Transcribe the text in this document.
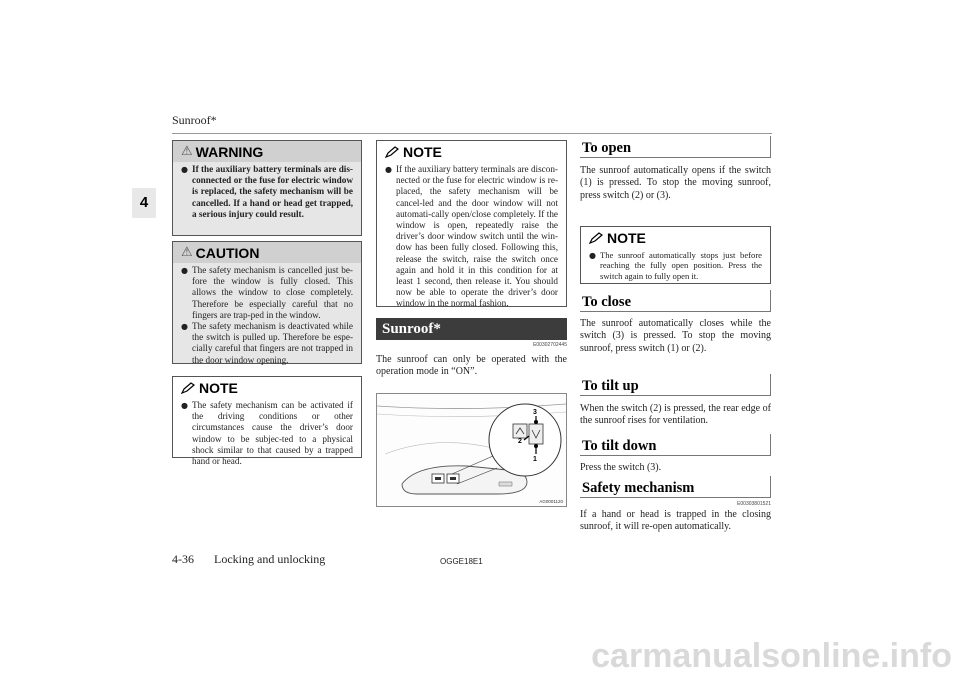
Sunroof*
4
⚠ WARNING
● If the auxiliary battery terminals are dis-connected or the fuse for electric window is replaced, the safety mechanism will be cancelled. If a hand or head get trapped, a serious injury could result.
⚠ CAUTION
● The safety mechanism is cancelled just be-fore the window is fully closed. This allows the window to close completely. Therefore be especially careful that no fingers are trap-ped in the window.
● The safety mechanism is deactivated while the switch is pulled up. Therefore be espe-cially careful that fingers are not trapped in the door window opening.
NOTE
● The safety mechanism can be activated if the driving conditions or other circumstances cause the driver’s door window to be subjec-ted to a physical shock similar to that caused by a trapped hand or head.
NOTE
● If the auxiliary battery terminals are discon-nected or the fuse for electric window is re-placed, the safety mechanism will be cancel-led and the door window will not automati-cally open/close completely. If the window is open, repeatedly raise the driver’s door window switch until the win-dow has been fully closed. Following this, release the switch, raise the switch once again and hold it in this condition for at least 1 second, then release it. You should now be able to operate the driver’s door window in the normal fashion.
Sunroof*
E00302702445
The sunroof can only be operated with the operation mode in “ON”.
3
2
1
AG0001120
To open
The sunroof automatically opens if the switch (1) is pressed. To stop the moving sunroof, press switch (2) or (3).
NOTE
● The sunroof automatically stops just before reaching the fully open position. Press the switch again to fully open it.
To close
The sunroof automatically closes while the switch (3) is pressed. To stop the moving sunroof, press switch (1) or (2).
To tilt up
When the switch (2) is pressed, the rear edge of the sunroof rises for ventilation.
To tilt down
Press the switch (3).
Safety mechanism
E00303801521
If a hand or head is trapped in the closing sunroof, it will re-open automatically.
4-36 Locking and unlocking	OGGE18E1
carmanualsonline.info
